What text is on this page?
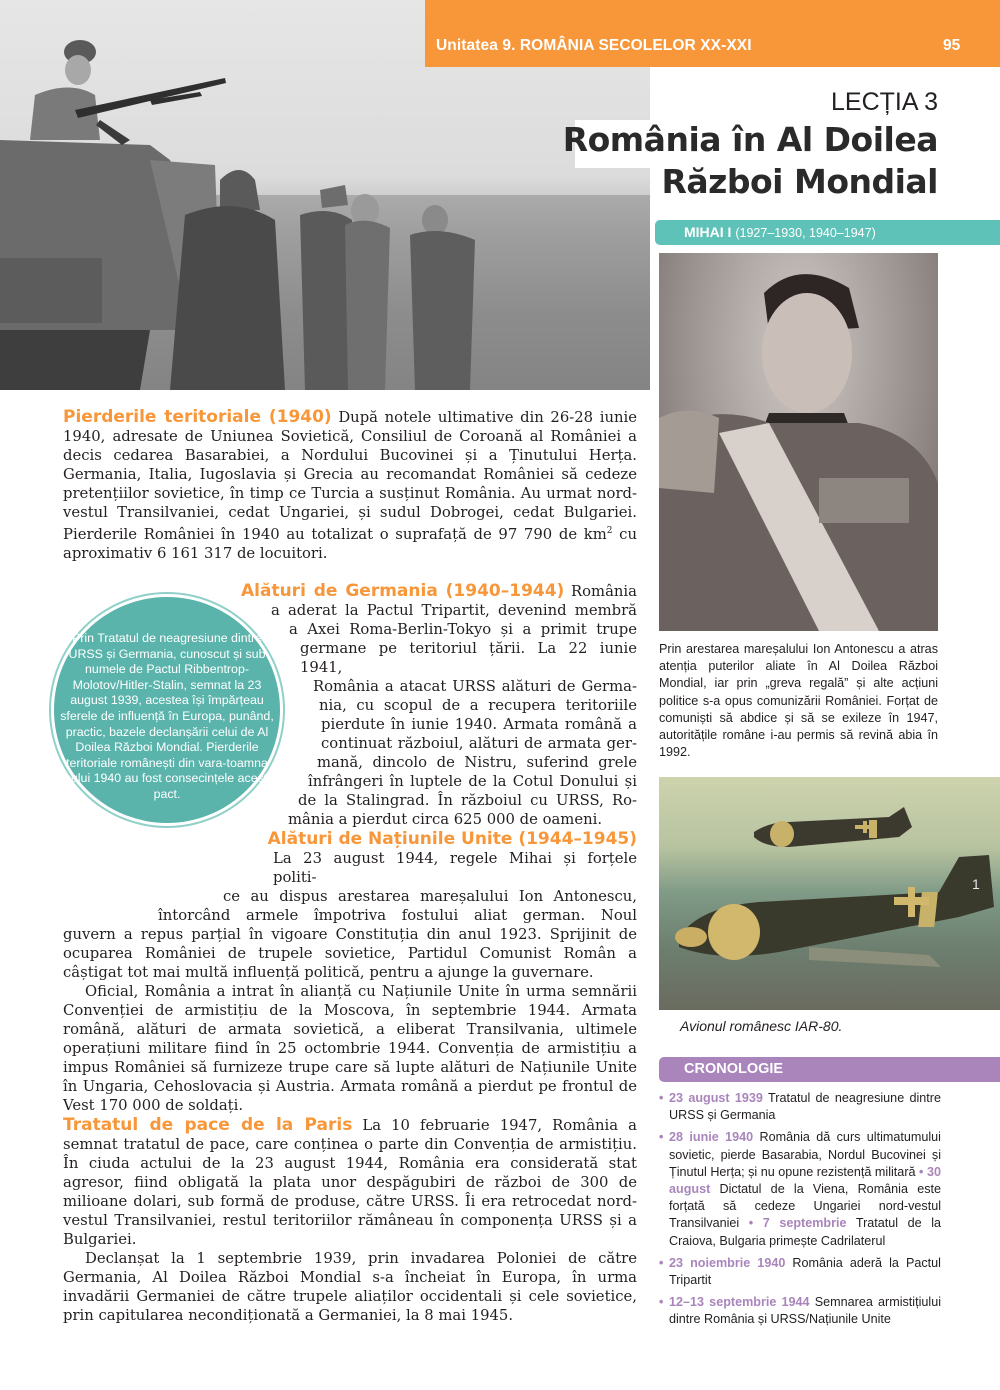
Unitatea 9. ROMÂNIA SECOLELOR XX-XXI	95
LECȚIA 3
România în Al Doilea
Război Mondial
MIHAI I (1927–1930, 1940–1947)
Prin arestarea mareșalului Ion Antonescu a atras atenția puterilor aliate în Al Doilea Război Mondial, iar prin „greva regală” și alte acțiuni politice s-a opus comunizării României. Forțat de comuniști să abdice și să se exileze în 1947, autoritățile române i-au permis să revină abia în 1992.
1
Avionul românesc IAR-80.
CRONOLOGIE
• 23 august 1939 Tratatul de neagresiune dintre URSS și Germania
• 28 iunie 1940 România dă curs ultimatumului sovietic, pierde Basarabia, Nordul Bucovinei și Ținutul Herța; și nu opune rezistență militară • 30 august Dictatul de la Viena, România este forțată să cedeze Ungariei nord-vestul Transilvaniei • 7 septembrie Tratatul de la Craiova, Bulgaria primește Cadrilaterul
• 23 noiembrie 1940 România aderă la Pactul Tripartit
• 12–13 septembrie 1944 Semnarea armistițiului dintre România și URSS/Națiunile Unite
Pierderile teritoriale (1940) După notele ultimative din 26-28 iunie 1940, adresate de Uniunea Sovietică, Consiliul de Coroană al României a decis cedarea Basarabiei, a Nordului Bucovinei și a Ținutului Herța. Germania, Italia, Iugoslavia și Grecia au recomandat României să cedeze pretențiilor sovietice, în timp ce Turcia a susținut România. Au urmat nord-vestul Transilvaniei, cedat Ungariei, și sudul Dobrogei, cedat Bulgariei. Pierderile României în 1940 au totalizat o suprafață de 97 790 de $km^2$ cu aproximativ 6 161 317 de locuitori.
Prin Tratatul de neagresiune dintre URSS și Germania, cunoscut și sub numele de Pactul Ribbentrop-Molotov/Hitler-Stalin, semnat la 23 august 1939, acestea își împărțeau sferele de influență în Europa, punând, practic, bazele declanșării celui de Al Doilea Război Mondial. Pierderile teritoriale românești din vara-toamna anului 1940 au fost consecințele acestui pact.
Alături de Germania (1940–1944) România
a aderat la Pactul Tripartit, devenind membră
a Axei Roma-Berlin-Tokyo și a primit trupe
germane pe teritoriul țării. La 22 iunie 1941,
România a atacat URSS alături de Germa-
nia, cu scopul de a recupera teritoriile
pierdute în iunie 1940. Armata română a
continuat războiul, alături de armata ger-
mană, dincolo de Nistru, suferind grele
înfrângeri în luptele de la Cotul Donului și
de la Stalingrad. În războiul cu URSS, Ro-
mânia a pierdut circa 625 000 de oameni.
Alături de Națiunile Unite (1944–1945)
La 23 august 1944, regele Mihai și forțele politi-
ce au dispus arestarea mareșalului Ion Antonescu,
întorcând armele împotriva fostului aliat german. Noul
guvern a repus parțial în vigoare Constituția din anul 1923. Sprijinit de ocuparea României de trupele sovietice, Partidul Comunist Român a câștigat tot mai multă influență politică, pentru a ajunge la guvernare.
Oficial, România a intrat în alianță cu Națiunile Unite în urma semnării Convenției de armistițiu de la Moscova, în septembrie 1944. Armata română, alături de armata sovietică, a eliberat Transilvania, ultimele operațiuni militare fiind în 25 octombrie 1944. Convenția de armistițiu a impus României să furnizeze trupe care să lupte alături de Națiunile Unite în Ungaria, Cehoslovacia și Austria. Armata română a pierdut pe frontul de Vest 170 000 de soldați.
Tratatul de pace de la Paris La 10 februarie 1947, România a semnat tratatul de pace, care conținea o parte din Convenția de armistițiu. În ciuda actului de la 23 august 1944, România era considerată stat agresor, fiind obligată la plata unor despăgubiri de război de 300 de milioane dolari, sub formă de produse, către URSS. Îi era retrocedat nord-vestul Transilvaniei, restul teritoriilor rămâneau în componența URSS și a Bulgariei.
Declanșat la 1 septembrie 1939, prin invadarea Poloniei de către Germania, Al Doilea Război Mondial s-a încheiat în Europa, în urma invadării Germaniei de către trupele aliaților occidentali și cele sovietice, prin capitularea necondiționată a Germaniei, la 8 mai 1945.
